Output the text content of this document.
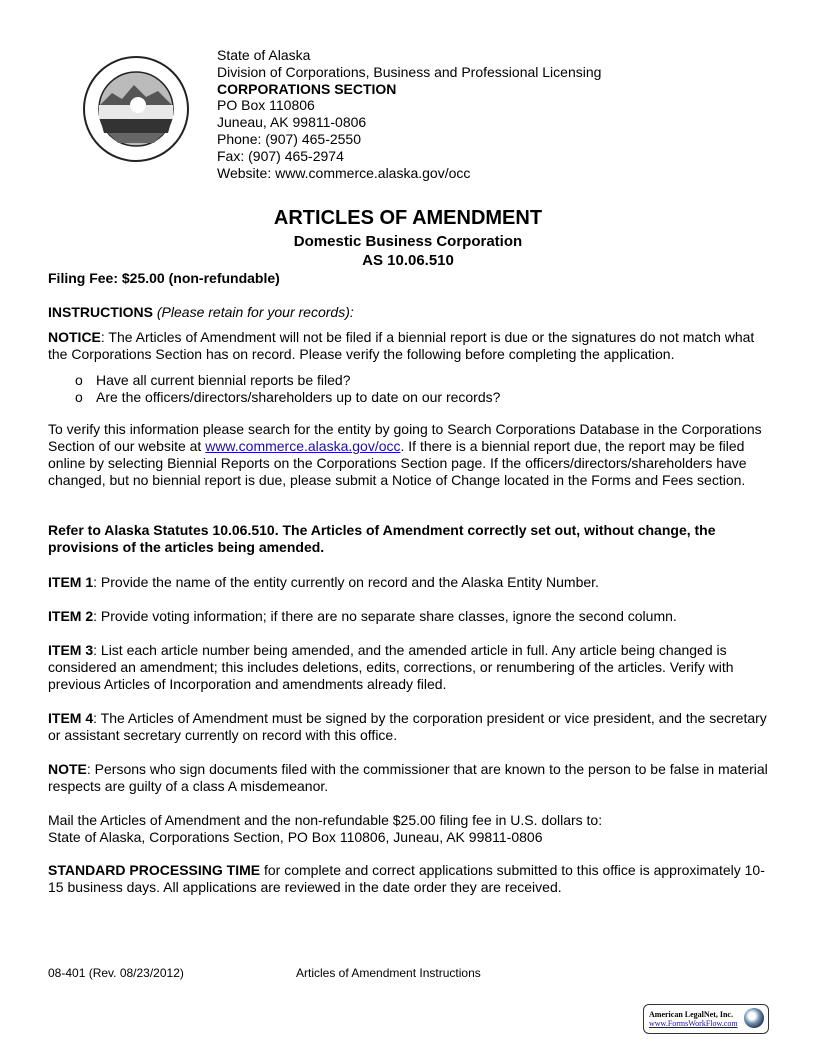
State of Alaska
Division of Corporations, Business and Professional Licensing
CORPORATIONS SECTION
PO Box 110806
Juneau, AK 99811-0806
Phone: (907) 465-2550
Fax: (907) 465-2974
Website: www.commerce.alaska.gov/occ
ARTICLES OF AMENDMENT
Domestic Business Corporation
AS 10.06.510
Filing Fee: $25.00 (non-refundable)
INSTRUCTIONS (Please retain for your records):
NOTICE: The Articles of Amendment will not be filed if a biennial report is due or the signatures do not match what the Corporations Section has on record. Please verify the following before completing the application.
o Have all current biennial reports be filed?
o Are the officers/directors/shareholders up to date on our records?
To verify this information please search for the entity by going to Search Corporations Database in the Corporations Section of our website at www.commerce.alaska.gov/occ. If there is a biennial report due, the report may be filed online by selecting Biennial Reports on the Corporations Section page. If the officers/directors/shareholders have changed, but no biennial report is due, please submit a Notice of Change located in the Forms and Fees section.
Refer to Alaska Statutes 10.06.510. The Articles of Amendment correctly set out, without change, the provisions of the articles being amended.
ITEM 1: Provide the name of the entity currently on record and the Alaska Entity Number.
ITEM 2: Provide voting information; if there are no separate share classes, ignore the second column.
ITEM 3: List each article number being amended, and the amended article in full. Any article being changed is considered an amendment; this includes deletions, edits, corrections, or renumbering of the articles. Verify with previous Articles of Incorporation and amendments already filed.
ITEM 4: The Articles of Amendment must be signed by the corporation president or vice president, and the secretary or assistant secretary currently on record with this office.
NOTE: Persons who sign documents filed with the commissioner that are known to the person to be false in material respects are guilty of a class A misdemeanor.
Mail the Articles of Amendment and the non-refundable $25.00 filing fee in U.S. dollars to:
State of Alaska, Corporations Section, PO Box 110806, Juneau, AK 99811-0806
STANDARD PROCESSING TIME for complete and correct applications submitted to this office is approximately 10-15 business days. All applications are reviewed in the date order they are received.
08-401 (Rev. 08/23/2012)	Articles of Amendment Instructions
American LegalNet, Inc.
www.FormsWorkFlow.com
